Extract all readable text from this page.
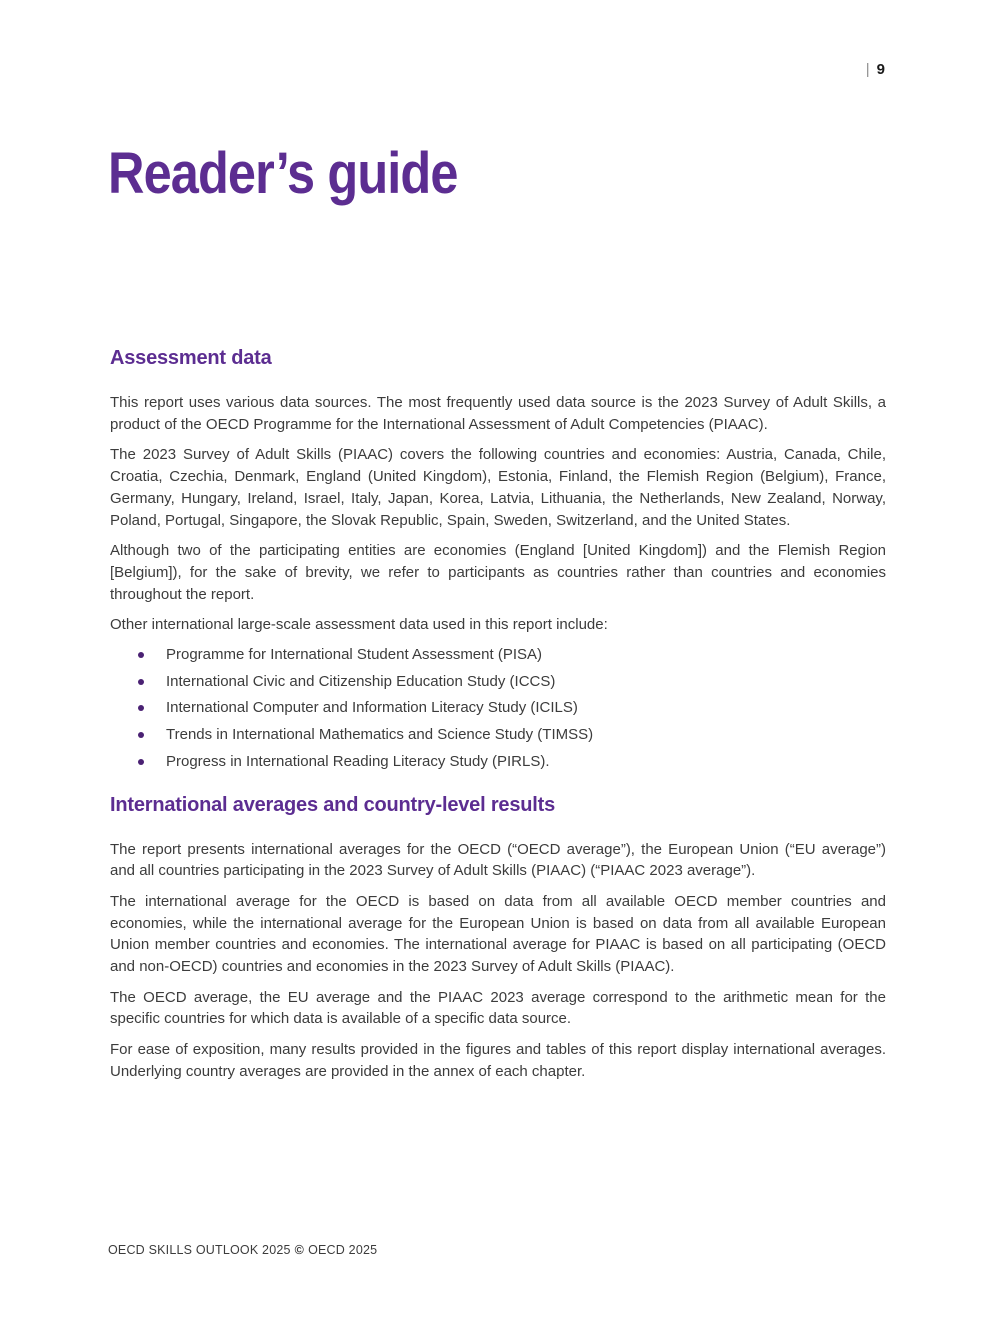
| 9
Reader’s guide
Assessment data

This report uses various data sources. The most frequently used data source is the 2023 Survey of Adult Skills, a product of the OECD Programme for the International Assessment of Adult Competencies (PIAAC).

The 2023 Survey of Adult Skills (PIAAC) covers the following countries and economies: Austria, Canada, Chile, Croatia, Czechia, Denmark, England (United Kingdom), Estonia, Finland, the Flemish Region (Belgium), France, Germany, Hungary, Ireland, Israel, Italy, Japan, Korea, Latvia, Lithuania, the Netherlands, New Zealand, Norway, Poland, Portugal, Singapore, the Slovak Republic, Spain, Sweden, Switzerland, and the United States.

Although two of the participating entities are economies (England [United Kingdom]) and the Flemish Region [Belgium]), for the sake of brevity, we refer to participants as countries rather than countries and economies throughout the report.

Other international large-scale assessment data used in this report include:

Programme for International Student Assessment (PISA)
International Civic and Citizenship Education Study (ICCS)
International Computer and Information Literacy Study (ICILS)
Trends in International Mathematics and Science Study (TIMSS)
Progress in International Reading Literacy Study (PIRLS).
International averages and country-level results

The report presents international averages for the OECD (“OECD average”), the European Union (“EU average”) and all countries participating in the 2023 Survey of Adult Skills (PIAAC) (“PIAAC 2023 average”).

The international average for the OECD is based on data from all available OECD member countries and economies, while the international average for the European Union is based on data from all available European Union member countries and economies. The international average for PIAAC is based on all participating (OECD and non-OECD) countries and economies in the 2023 Survey of Adult Skills (PIAAC).

The OECD average, the EU average and the PIAAC 2023 average correspond to the arithmetic mean for the specific countries for which data is available of a specific data source.

For ease of exposition, many results provided in the figures and tables of this report display international averages. Underlying country averages are provided in the annex of each chapter.

OECD SKILLS OUTLOOK 2025 © OECD 2025
